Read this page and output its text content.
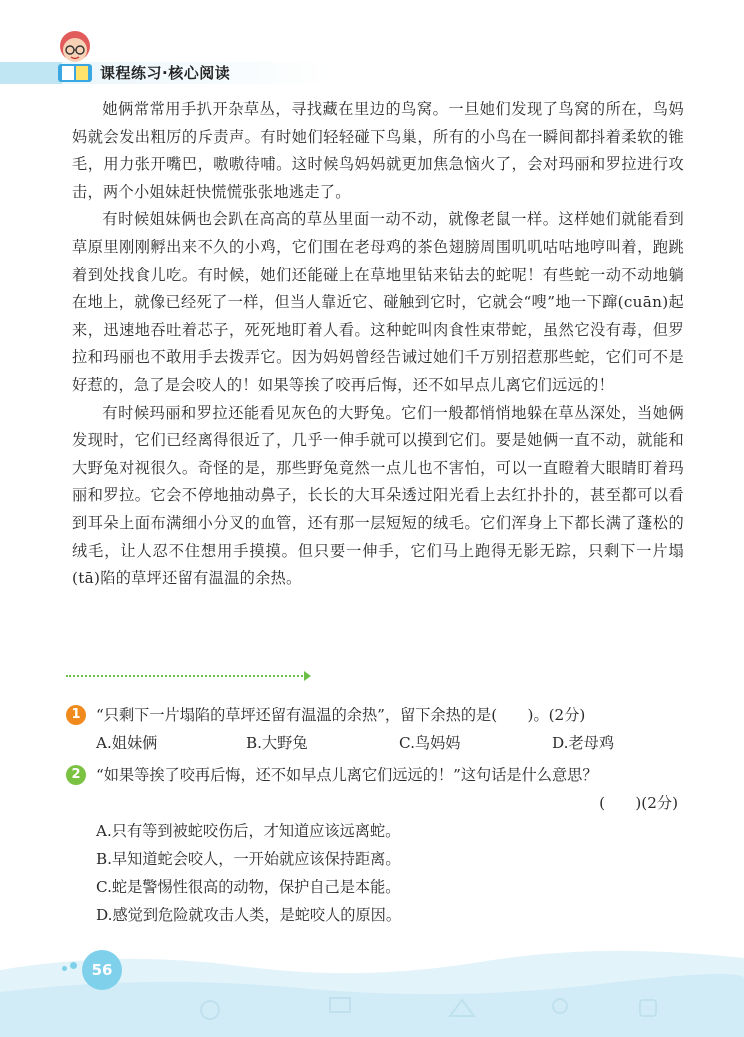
课程练习·核心阅读

她俩常常用手扒开杂草丛，寻找藏在里边的鸟窝。一旦她们发现了鸟窝的所在，鸟妈妈就会发出粗厉的斥责声。有时她们轻轻碰下鸟巢，所有的小鸟在一瞬间都抖着柔软的锥毛，用力张开嘴巴，嗷嗷待哺。这时候鸟妈妈就更加焦急恼火了，会对玛丽和罗拉进行攻击，两个小姐妹赶快慌慌张张地逃走了。

有时候姐妹俩也会趴在高高的草丛里面一动不动，就像老鼠一样。这样她们就能看到草原里刚刚孵出来不久的小鸡，它们围在老母鸡的茶色翅膀周围叽叽咕咕地哼叫着，跑跳着到处找食儿吃。有时候，她们还能碰上在草地里钻来钻去的蛇呢！有些蛇一动不动地躺在地上，就像已经死了一样，但当人靠近它、碰触到它时，它就会“嗖”地一下蹿(cuān)起来，迅速地吞吐着芯子，死死地盯着人看。这种蛇叫肉食性束带蛇，虽然它没有毒，但罗拉和玛丽也不敢用手去拨弄它。因为妈妈曾经告诫过她们千万别招惹那些蛇，它们可不是好惹的，急了是会咬人的！如果等挨了咬再后悔，还不如早点儿离它们远远的！

有时候玛丽和罗拉还能看见灰色的大野兔。它们一般都悄悄地躲在草丛深处，当她俩发现时，它们已经离得很近了，几乎一伸手就可以摸到它们。要是她俩一直不动，就能和大野兔对视很久。奇怪的是，那些野兔竟然一点儿也不害怕，可以一直瞪着大眼睛盯着玛丽和罗拉。它会不停地抽动鼻子，长长的大耳朵透过阳光看上去红扑扑的，甚至都可以看到耳朵上面布满细小分叉的血管，还有那一层短短的绒毛。它们浑身上下都长满了蓬松的绒毛，让人忍不住想用手摸摸。但只要一伸手，它们马上跑得无影无踪，只剩下一片塌(tā)陷的草坪还留有温温的余热。

1	“只剩下一片塌陷的草坪还留有温温的余热”，留下余热的是(　　)。(2分)
A.姐妹俩	B.大野兔	C.鸟妈妈	D.老母鸡
2	“如果等挨了咬再后悔，还不如早点儿离它们远远的！”这句话是什么意思？
(　　)(2分)
A.只有等到被蛇咬伤后，才知道应该远离蛇。
B.早知道蛇会咬人，一开始就应该保持距离。
C.蛇是警惕性很高的动物，保护自己是本能。
D.感觉到危险就攻击人类，是蛇咬人的原因。
56
